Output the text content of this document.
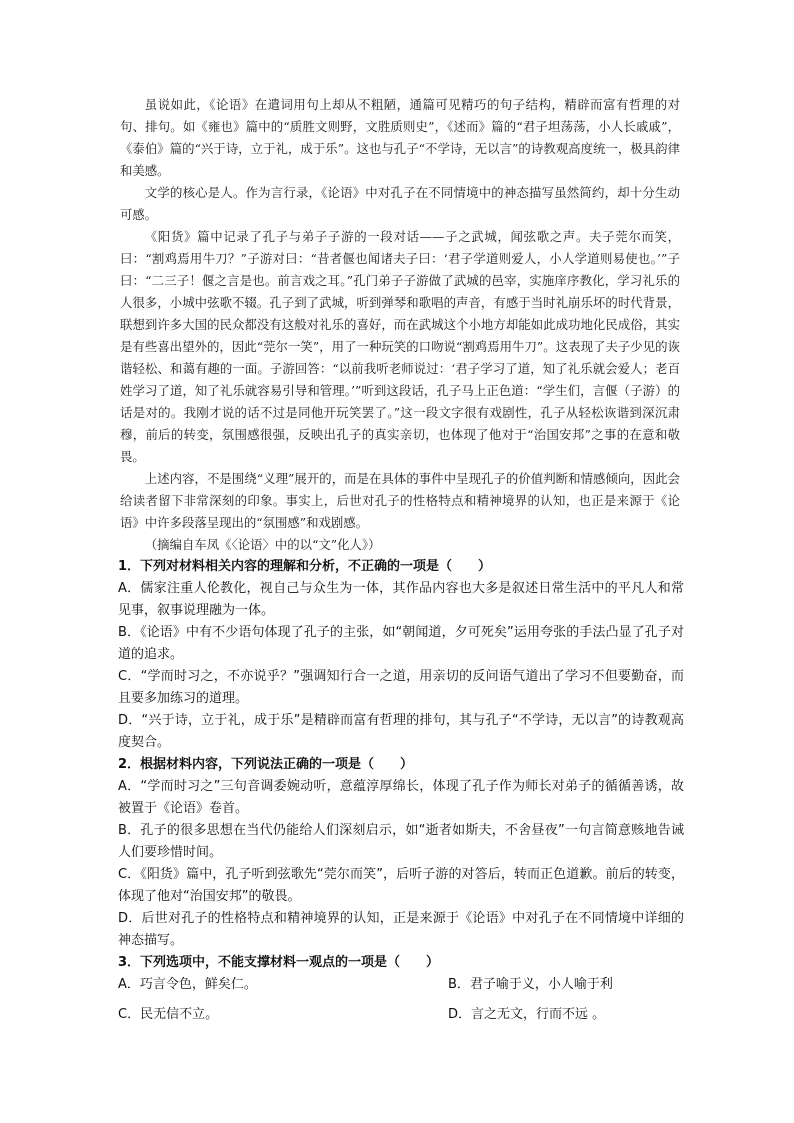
虽说如此，《论语》在遣词用句上却从不粗陋，通篇可见精巧的句子结构，精辟而富有哲理的对句、排句。如《雍也》篇中的“质胜文则野，文胜质则史”，《述而》篇的“君子坦荡荡，小人长戚戚”，《泰伯》篇的“兴于诗，立于礼，成于乐”。这也与孔子“不学诗，无以言”的诗教观高度统一，极具韵律和美感。

文学的核心是人。作为言行录，《论语》中对孔子在不同情境中的神态描写虽然简约，却十分生动可感。

《阳货》篇中记录了孔子与弟子子游的一段对话——子之武城，闻弦歌之声。夫子莞尔而笑，曰：“割鸡焉用牛刀？”子游对曰：“昔者偃也闻诸夫子曰：‘君子学道则爱人，小人学道则易使也。’”子曰：“二三子！偃之言是也。前言戏之耳。”孔门弟子子游做了武城的邑宰，实施庠序教化，学习礼乐的人很多，小城中弦歌不辍。孔子到了武城，听到弹琴和歌唱的声音，有感于当时礼崩乐坏的时代背景，联想到许多大国的民众都没有这般对礼乐的喜好，而在武城这个小地方却能如此成功地化民成俗，其实是有些喜出望外的，因此“莞尔一笑”，用了一种玩笑的口吻说“割鸡焉用牛刀”。这表现了夫子少见的诙谐轻松、和蔼有趣的一面。子游回答：“以前我听老师说过：‘君子学习了道，知了礼乐就会爱人；老百姓学习了道，知了礼乐就容易引导和管理。’”听到这段话，孔子马上正色道：“学生们，言偃（子游）的话是对的。我刚才说的话不过是同他开玩笑罢了。”这一段文字很有戏剧性，孔子从轻松诙谐到深沉肃穆，前后的转变，氛围感很强，反映出孔子的真实亲切，也体现了他对于“治国安邦”之事的在意和敬畏。

上述内容，不是围绕“义理”展开的，而是在具体的事件中呈现孔子的价值判断和情感倾向，因此会给读者留下非常深刻的印象。事实上，后世对孔子的性格特点和精神境界的认知，也正是来源于《论语》中许多段落呈现出的“氛围感”和戏剧感。

（摘编自车凤《〈论语〉中的以“文”化人》）

1．下列对材料相关内容的理解和分析，不正确的一项是（　　）

A．儒家注重人伦教化，视自己与众生为一体，其作品内容也大多是叙述日常生活中的平凡人和常见事，叙事说理融为一体。

B．《论语》中有不少语句体现了孔子的主张，如“朝闻道，夕可死矣”运用夸张的手法凸显了孔子对道的追求。

C．“学而时习之，不亦说乎？”强调知行合一之道，用亲切的反问语气道出了学习不但要勤奋，而且要多加练习的道理。

D．“兴于诗，立于礼，成于乐”是精辟而富有哲理的排句，其与孔子“不学诗，无以言”的诗教观高度契合。

2．根据材料内容，下列说法正确的一项是（　　）

A．“学而时习之”三句音调委婉动听，意蕴淳厚绵长，体现了孔子作为师长对弟子的循循善诱，故被置于《论语》卷首。

B．孔子的很多思想在当代仍能给人们深刻启示，如“逝者如斯夫，不舍昼夜”一句言简意赅地告诫人们要珍惜时间。

C．《阳货》篇中，孔子听到弦歌先“莞尔而笑”，后听子游的对答后，转而正色道歉。前后的转变，体现了他对“治国安邦”的敬畏。

D．后世对孔子的性格特点和精神境界的认知，正是来源于《论语》中对孔子在不同情境中详细的神态描写。

3．下列选项中，不能支撑材料一观点的一项是（　　）

A．巧言令色，鲜矣仁。	B．君子喻于义，小人喻于利
C．民无信不立。	D．言之无文，行而不远 。
